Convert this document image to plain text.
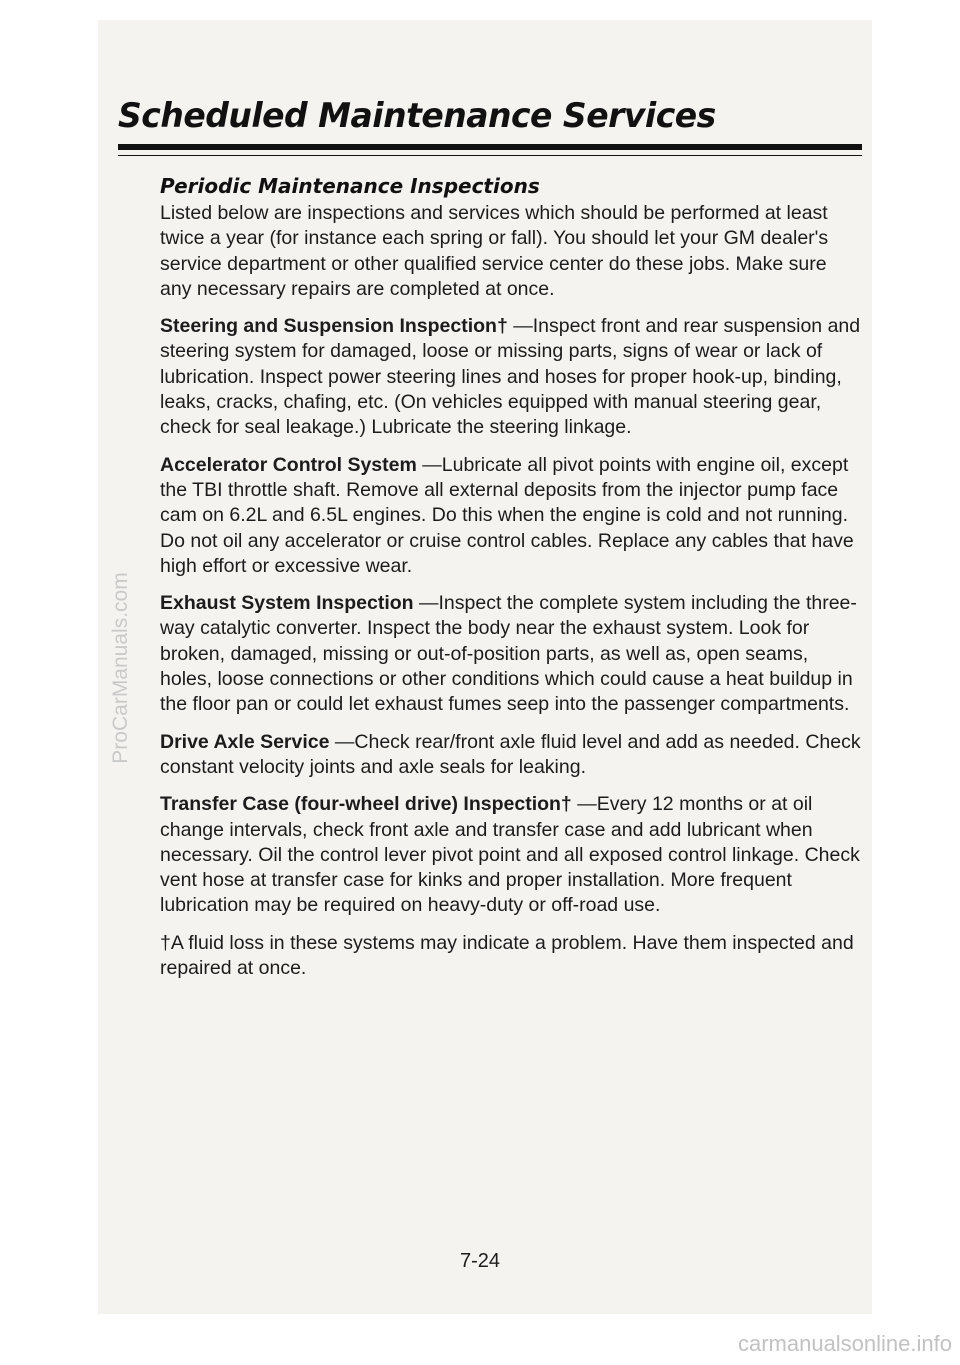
Scheduled Maintenance Services
Periodic Maintenance Inspections

Listed below are inspections and services which should be performed at least twice a year (for instance each spring or fall). You should let your GM dealer's service department or other qualified service center do these jobs. Make sure any necessary repairs are completed at once.

Steering and Suspension Inspection† —Inspect front and rear suspension and steering system for damaged, loose or missing parts, signs of wear or lack of lubrication. Inspect power steering lines and hoses for proper hook-up, binding, leaks, cracks, chafing, etc. (On vehicles equipped with manual steering gear, check for seal leakage.) Lubricate the steering linkage.

Accelerator Control System —Lubricate all pivot points with engine oil, except the TBI throttle shaft. Remove all external deposits from the injector pump face cam on 6.2L and 6.5L engines. Do this when the engine is cold and not running. Do not oil any accelerator or cruise control cables. Replace any cables that have high effort or excessive wear.

Exhaust System Inspection —Inspect the complete system including the three-way catalytic converter. Inspect the body near the exhaust system. Look for broken, damaged, missing or out-of-position parts, as well as, open seams, holes, loose connections or other conditions which could cause a heat buildup in the floor pan or could let exhaust fumes seep into the passenger compartments.

Drive Axle Service —Check rear/front axle fluid level and add as needed. Check constant velocity joints and axle seals for leaking.

Transfer Case (four-wheel drive) Inspection† —Every 12 months or at oil change intervals, check front axle and transfer case and add lubricant when necessary. Oil the control lever pivot point and all exposed control linkage. Check vent hose at transfer case for kinks and proper installation. More frequent lubrication may be required on heavy-duty or off-road use.

†A fluid loss in these systems may indicate a problem. Have them inspected and repaired at once.

7-24
ProCarManuals.com
carmanualsonline.info
